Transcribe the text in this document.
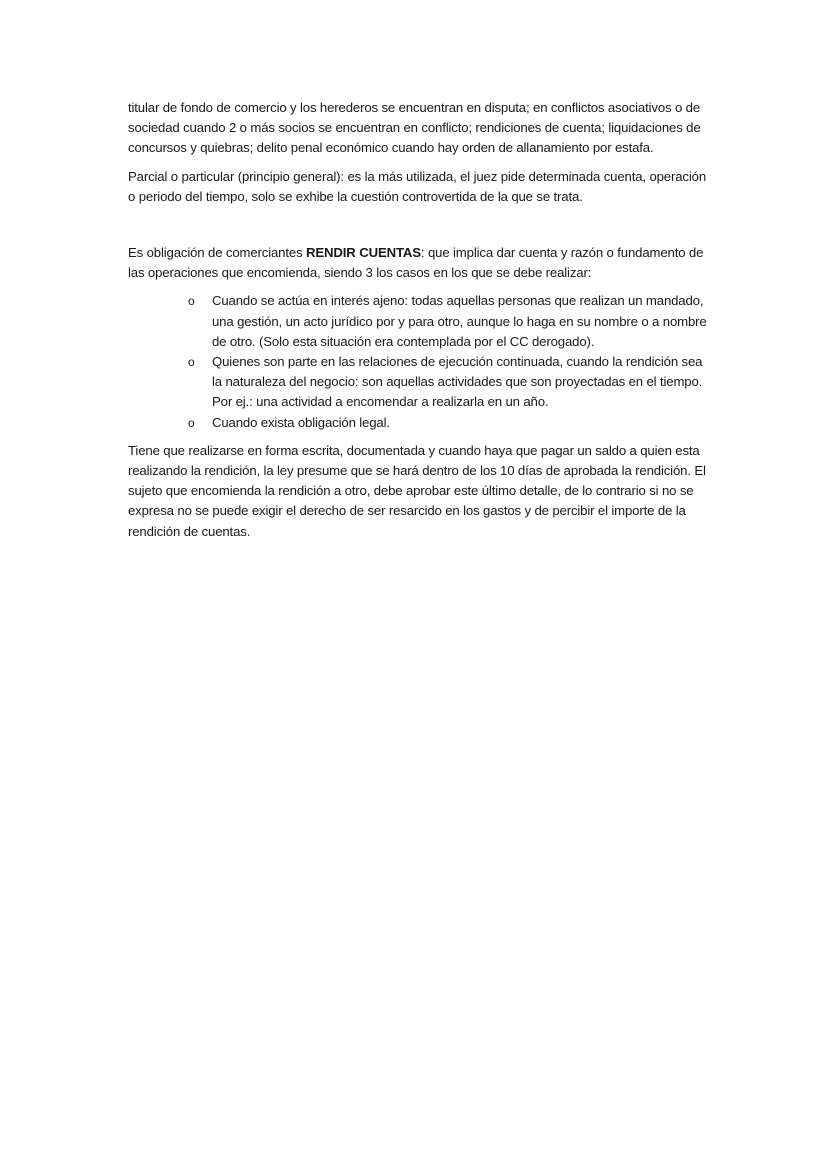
titular de fondo de comercio y los herederos se encuentran en disputa; en conflictos asociativos o de sociedad cuando 2 o más socios se encuentran en conflicto; rendiciones de cuenta; liquidaciones de concursos y quiebras; delito penal económico cuando hay orden de allanamiento por estafa.

Parcial o particular (principio general): es la más utilizada, el juez pide determinada cuenta, operación o periodo del tiempo, solo se exhibe la cuestión controvertida de la que se trata.

Es obligación de comerciantes RENDIR CUENTAS: que implica dar cuenta y razón o fundamento de las operaciones que encomienda, siendo 3 los casos en los que se debe realizar:

o Cuando se actúa en interés ajeno: todas aquellas personas que realizan un mandado, una gestión, un acto jurídico por y para otro, aunque lo haga en su nombre o a nombre de otro. (Solo esta situación era contemplada por el CC derogado).
o Quienes son parte en las relaciones de ejecución continuada, cuando la rendición sea la naturaleza del negocio: son aquellas actividades que son proyectadas en el tiempo. Por ej.: una actividad a encomendar a realizarla en un año.
o Cuando exista obligación legal.

Tiene que realizarse en forma escrita, documentada y cuando haya que pagar un saldo a quien esta realizando la rendición, la ley presume que se hará dentro de los 10 días de aprobada la rendición. El sujeto que encomienda la rendición a otro, debe aprobar este último detalle, de lo contrario si no se expresa no se puede exigir el derecho de ser resarcido en los gastos y de percibir el importe de la rendición de cuentas.
